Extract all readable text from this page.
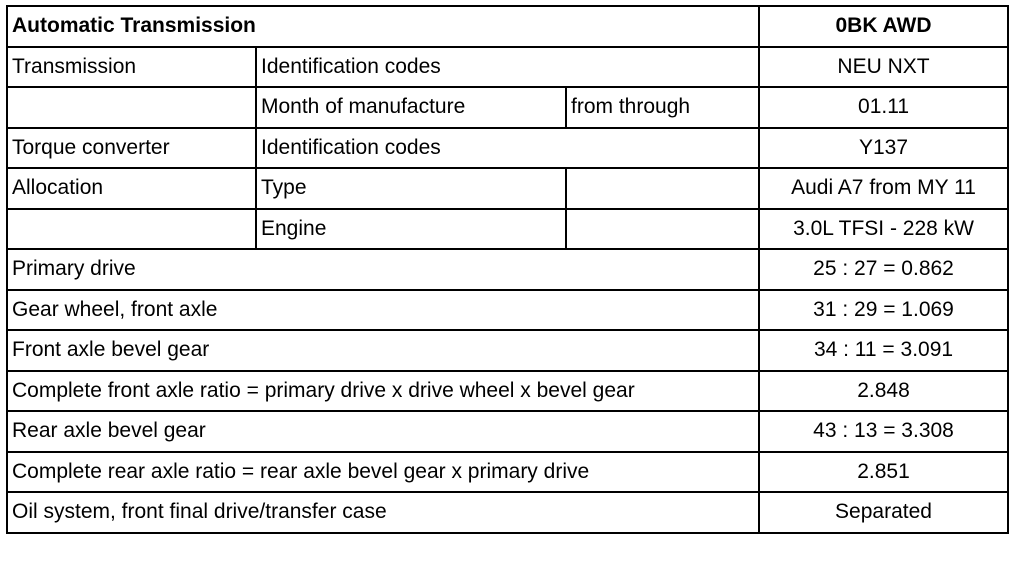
Automatic Transmission			0BK AWD
Transmission	Identification codes		NEU NXT
	Month of manufacture	from through	01.11
Torque converter	Identification codes		Y137
Allocation	Type		Audi A7 from MY 11
	Engine		3.0L TFSI - 228 kW
Primary drive			25 : 27 = 0.862
Gear wheel, front axle			31 : 29 = 1.069
Front axle bevel gear			34 : 11 = 3.091
Complete front axle ratio = primary drive x drive wheel x bevel gear			2.848
Rear axle bevel gear			43 : 13 = 3.308
Complete rear axle ratio = rear axle bevel gear x primary drive			2.851
Oil system, front final drive/transfer case			Separated
